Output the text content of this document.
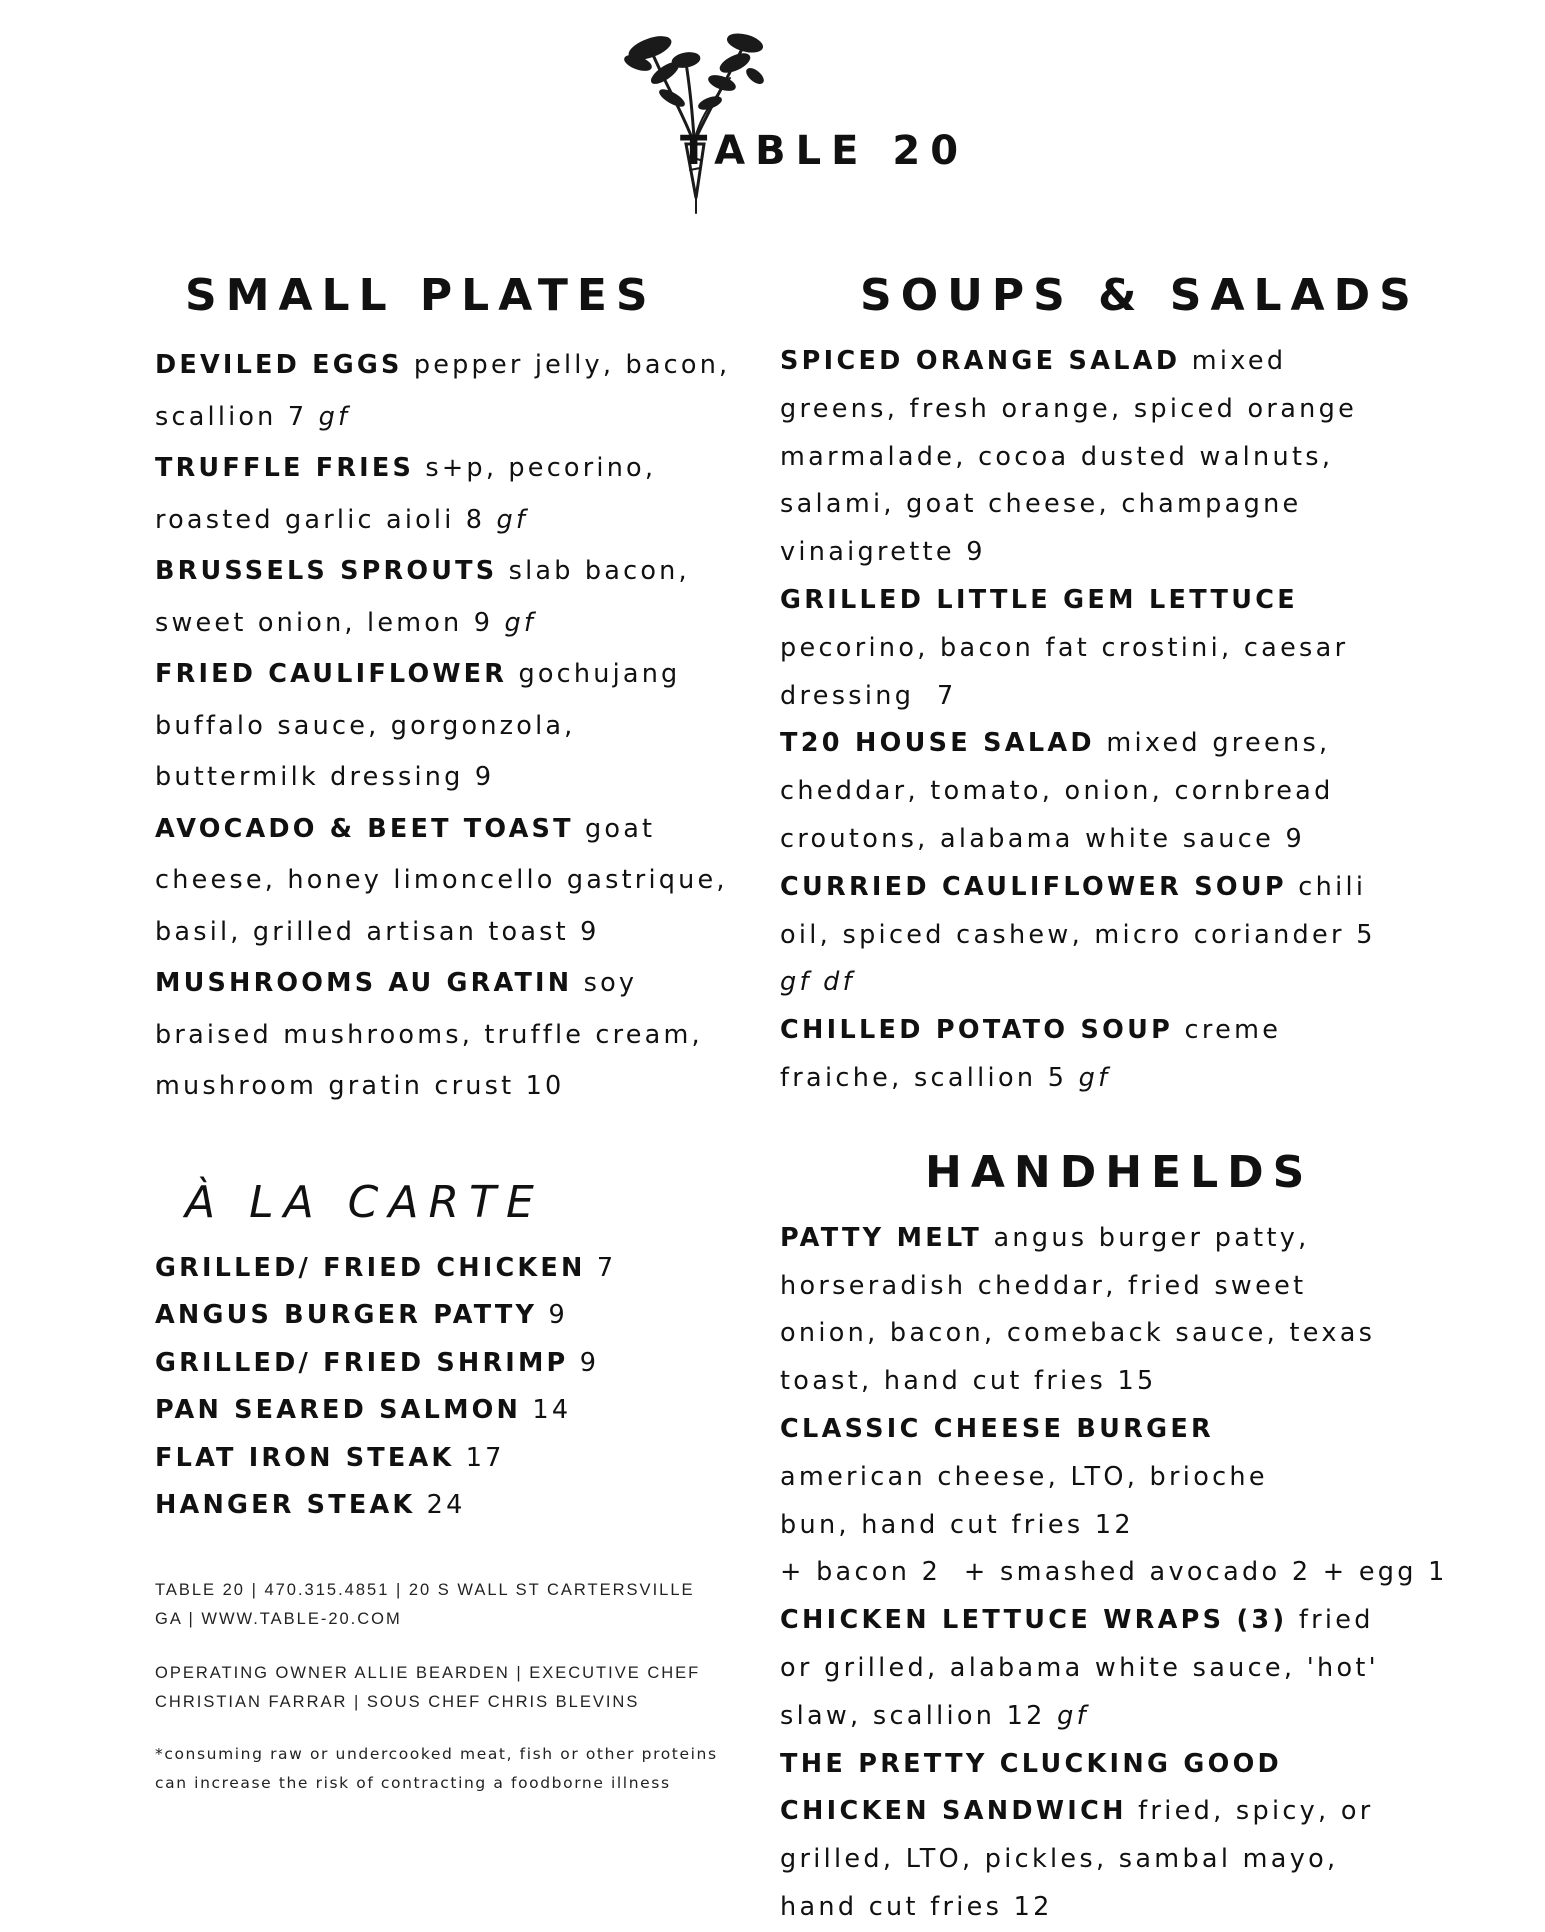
TABLE 20
SMALL PLATES
DEVILED EGGS pepper jelly, bacon, scallion 7 gf
TRUFFLE FRIES s+p, pecorino, roasted garlic aioli 8 gf
BRUSSELS SPROUTS slab bacon, sweet onion, lemon 9 gf
FRIED CAULIFLOWER gochujang buffalo sauce, gorgonzola, buttermilk dressing 9
AVOCADO & BEET TOAST goat cheese, honey limoncello gastrique, basil, grilled artisan toast 9
MUSHROOMS AU GRATIN soy braised mushrooms, truffle cream, mushroom gratin crust 10
À LA CARTE
GRILLED/ FRIED CHICKEN 7
ANGUS BURGER PATTY 9
GRILLED/ FRIED SHRIMP 9
PAN SEARED SALMON 14
FLAT IRON STEAK 17
HANGER STEAK 24
TABLE 20 | 470.315.4851 | 20 S WALL ST CARTERSVILLE GA | WWW.TABLE-20.COM
OPERATING OWNER ALLIE BEARDEN | EXECUTIVE CHEF CHRISTIAN FARRAR | SOUS CHEF CHRIS BLEVINS
*consuming raw or undercooked meat, fish or other proteins can increase the risk of contracting a foodborne illness
SOUPS & SALADS
SPICED ORANGE SALAD mixed greens, fresh orange, spiced orange marmalade, cocoa dusted walnuts, salami, goat cheese, champagne vinaigrette 9
GRILLED LITTLE GEM LETTUCE pecorino, bacon fat crostini, caesar dressing  7
T20 HOUSE SALAD mixed greens, cheddar, tomato, onion, cornbread croutons, alabama white sauce 9
CURRIED CAULIFLOWER SOUP chili oil, spiced cashew, micro coriander 5 gf df
CHILLED POTATO SOUP creme fraiche, scallion 5 gf
HANDHELDS
PATTY MELT angus burger patty, horseradish cheddar, fried sweet onion, bacon, comeback sauce, texas toast, hand cut fries 15
CLASSIC CHEESE BURGER
american cheese, LTO, brioche bun, hand cut fries 12
+ bacon 2  + smashed avocado 2 + egg 1
CHICKEN LETTUCE WRAPS (3) fried or grilled, alabama white sauce, 'hot' slaw, scallion 12 gf
THE PRETTY CLUCKING GOOD CHICKEN SANDWICH fried, spicy, or grilled, LTO, pickles, sambal mayo, hand cut fries 12
